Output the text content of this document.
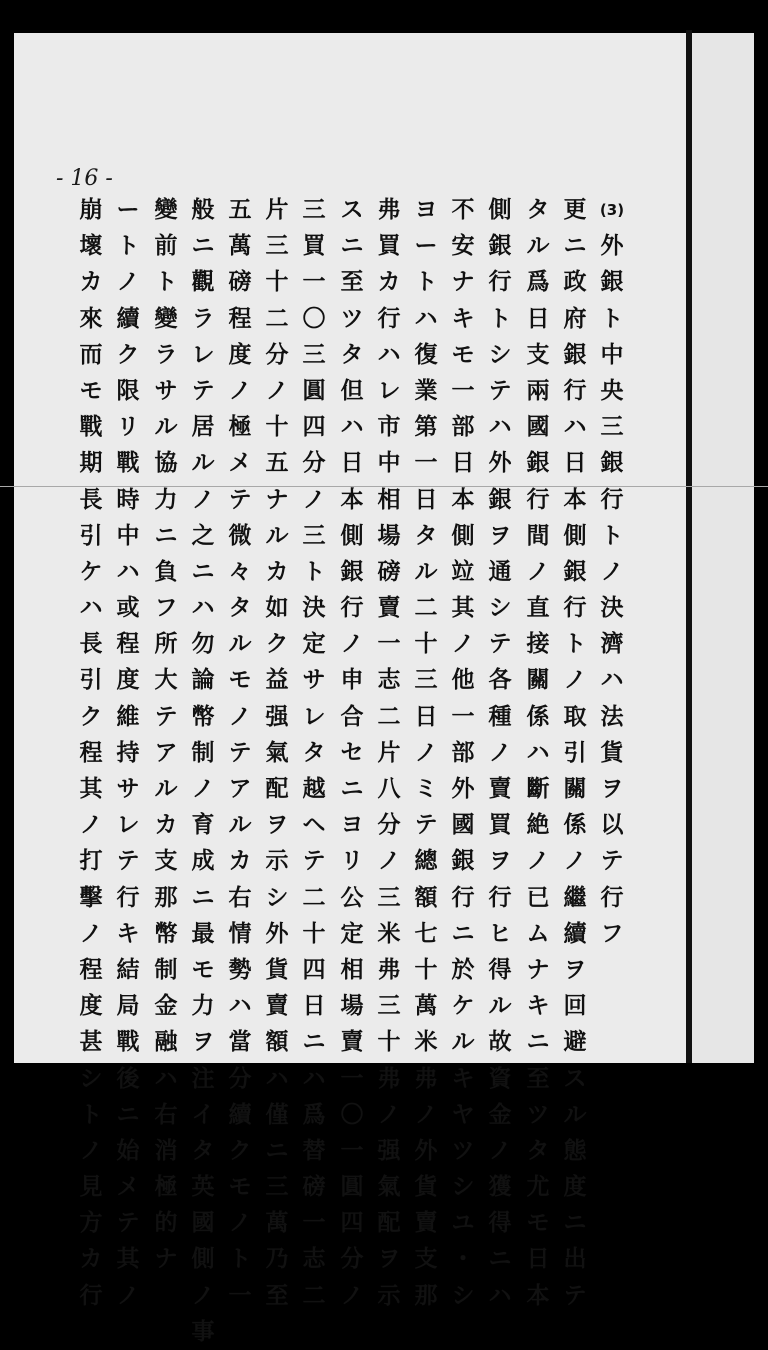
- 16 -
(3)
外
銀
ト
中
央
三
銀
行
ト
ノ
決
濟
ハ
法
貨
ヲ
以
テ
行
フ
更
ニ
政
府
銀
行
ハ
日
本
側
銀
行
ト
ノ
取
引
關
係
ノ
繼
續
ヲ
回
避
ス
ル
態
度
ニ
出
テ
タ
ル
爲
日
支
兩
國
銀
行
間
ノ
直
接
關
係
ハ
斷
絶
ノ
已
ム
ナ
キ
ニ
至
ツ
タ
尤
モ
日
本
側
銀
行
ト
シ
テ
ハ
外
銀
ヲ
通
シ
テ
各
種
ノ
賣
買
ヲ
行
ヒ
得
ル
故
資
金
ノ
獲
得
ニ
ハ
不
安
ナ
キ
モ
一
部
日
本
側
竝
其
ノ
他
一
部
外
國
銀
行
ニ
於
ケ
ル
キ
ヤ
ツ
シ
ユ
・
シ
ヨ
ー
ト
ハ
復
業
第
一
日
タ
ル
二
十
三
日
ノ
ミ
テ
總
額
七
十
萬
米
弗
ノ
外
貨
賣
支
那
弗
買
カ
行
ハ
レ
市
中
相
場
磅
賣
一
志
二
片
八
分
ノ
三
米
弗
三
十
弗
ノ
强
氣
配
ヲ
示
ス
ニ
至
ツ
タ
但
ハ
日
本
側
銀
行
ノ
申
合
セ
ニ
ヨ
リ
公
定
相
場
賣
一
〇
一
圓
四
分
ノ
三
買
一
〇
三
圓
四
分
ノ
三
ト
決
定
サ
レ
タ
越
ヘ
テ
二
十
四
日
ニ
ハ
爲
替
磅
一
志
二
片
三
十
二
分
ノ
十
五
ナ
ル
カ
如
ク
益
强
氣
配
ヲ
示
シ
外
貨
賣
額
ハ
僅
ニ
三
萬
乃
至
五
萬
磅
程
度
ノ
極
メ
テ
微
々
タ
ル
モ
ノ
テ
ア
ル
カ
右
情
勢
ハ
當
分
續
ク
モ
ノ
ト
一
般
ニ
觀
ラ
レ
テ
居
ル
ノ
之
ニ
ハ
勿
論
幣
制
ノ
育
成
ニ
最
モ
力
ヲ
注
イ
タ
英
國
側
ノ
事
變
前
ト
變
ラ
サ
ル
協
力
ニ
負
フ
所
大
テ
ア
ル
カ
支
那
幣
制
金
融
ハ
右
消
極
的
ナ
ー
ト
ノ
續
ク
限
リ
戰
時
中
ハ
或
程
度
維
持
サ
レ
テ
行
キ
結
局
戰
後
ニ
始
メ
テ
其
ノ
崩
壞
カ
來
而
モ
戰
期
長
引
ケ
ハ
長
引
ク
程
其
ノ
打
擊
ノ
程
度
甚
シ
ト
ノ
見
方
カ
行
